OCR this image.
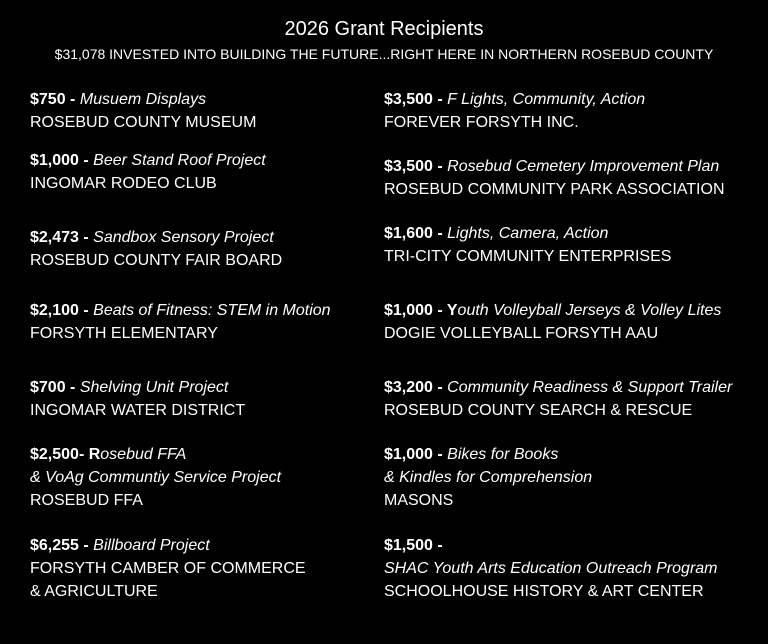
2026 Grant Recipients
$31,078 INVESTED INTO BUILDING THE FUTURE...RIGHT HERE IN NORTHERN ROSEBUD COUNTY
$750 - Musuem Displays
ROSEBUD COUNTY MUSEUM
$1,000 - Beer Stand Roof Project
INGOMAR RODEO CLUB
$2,473 - Sandbox Sensory Project
ROSEBUD COUNTY FAIR BOARD
$2,100 - Beats of Fitness: STEM in Motion
FORSYTH ELEMENTARY
$700 - Shelving Unit Project
INGOMAR WATER DISTRICT
$2,500- Rosebud FFA
& VoAg Communtiy Service Project
ROSEBUD FFA
$6,255 - Billboard Project
FORSYTH CAMBER OF COMMERCE
& AGRICULTURE
$3,500 - F Lights, Community, Action
FOREVER FORSYTH INC.
$3,500 - Rosebud Cemetery Improvement Plan
ROSEBUD COMMUNITY PARK ASSOCIATION
$1,600 - Lights, Camera, Action
TRI-CITY COMMUNITY ENTERPRISES
$1,000 - Youth Volleyball Jerseys & Volley Lites
DOGIE VOLLEYBALL FORSYTH AAU
$3,200 - Community Readiness & Support Trailer
ROSEBUD COUNTY SEARCH & RESCUE
$1,000 - Bikes for Books
& Kindles for Comprehension
MASONS
$1,500 -
SHAC Youth Arts Education Outreach Program
SCHOOLHOUSE HISTORY & ART CENTER
